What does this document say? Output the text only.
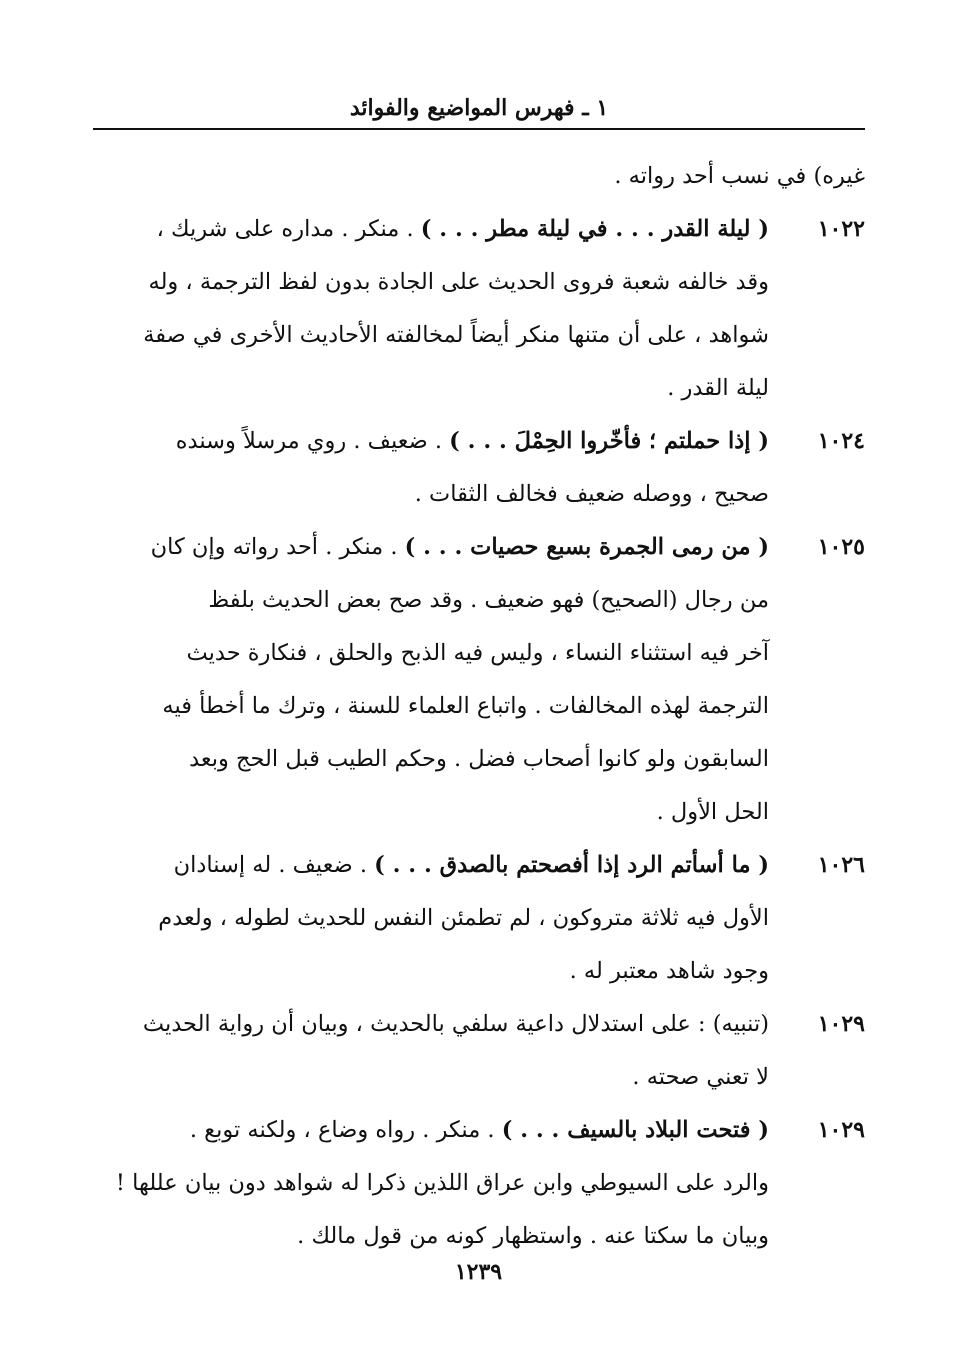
١ ـ فهرس المواضيع والفوائد
غيره) في نسب أحد رواته .
١٠٢٢
( ليلة القدر . . . في ليلة مطر . . . ) . منكر . مداره على شريك ،
وقد خالفه شعبة فروى الحديث على الجادة بدون لفظ الترجمة ، وله
شواهد ، على أن متنها منكر أيضاً لمخالفته الأحاديث الأخرى في صفة
ليلة القدر .
١٠٢٤
( إذا حملتم ؛ فأخّروا الحِمْلَ . . . ) . ضعيف . روي مرسلاً وسنده
صحيح ، ووصله ضعيف فخالف الثقات .
١٠٢٥
( من رمى الجمرة بسبع حصيات . . . ) . منكر . أحد رواته وإن كان
من رجال (الصحيح) فهو ضعيف . وقد صح بعض الحديث بلفظ
آخر فيه استثناء النساء ، وليس فيه الذبح والحلق ، فنكارة حديث
الترجمة لهذه المخالفات . واتباع العلماء للسنة ، وترك ما أخطأ فيه
السابقون ولو كانوا أصحاب فضل . وحكم الطيب قبل الحج وبعد
الحل الأول .
١٠٢٦
( ما أسأتم الرد إذا أفصحتم بالصدق . . . ) . ضعيف . له إسنادان
الأول فيه ثلاثة متروكون ، لم تطمئن النفس للحديث لطوله ، ولعدم
وجود شاهد معتبر له .
١٠٢٩
(تنبيه) : على استدلال داعية سلفي بالحديث ، وبيان أن رواية الحديث
لا تعني صحته .
١٠٢٩
( فتحت البلاد بالسيف . . . ) . منكر . رواه وضاع ، ولكنه توبع .
والرد على السيوطي وابن عراق اللذين ذكرا له شواهد دون بيان عللها !
وبيان ما سكتا عنه . واستظهار كونه من قول مالك .
١٢٣٩
